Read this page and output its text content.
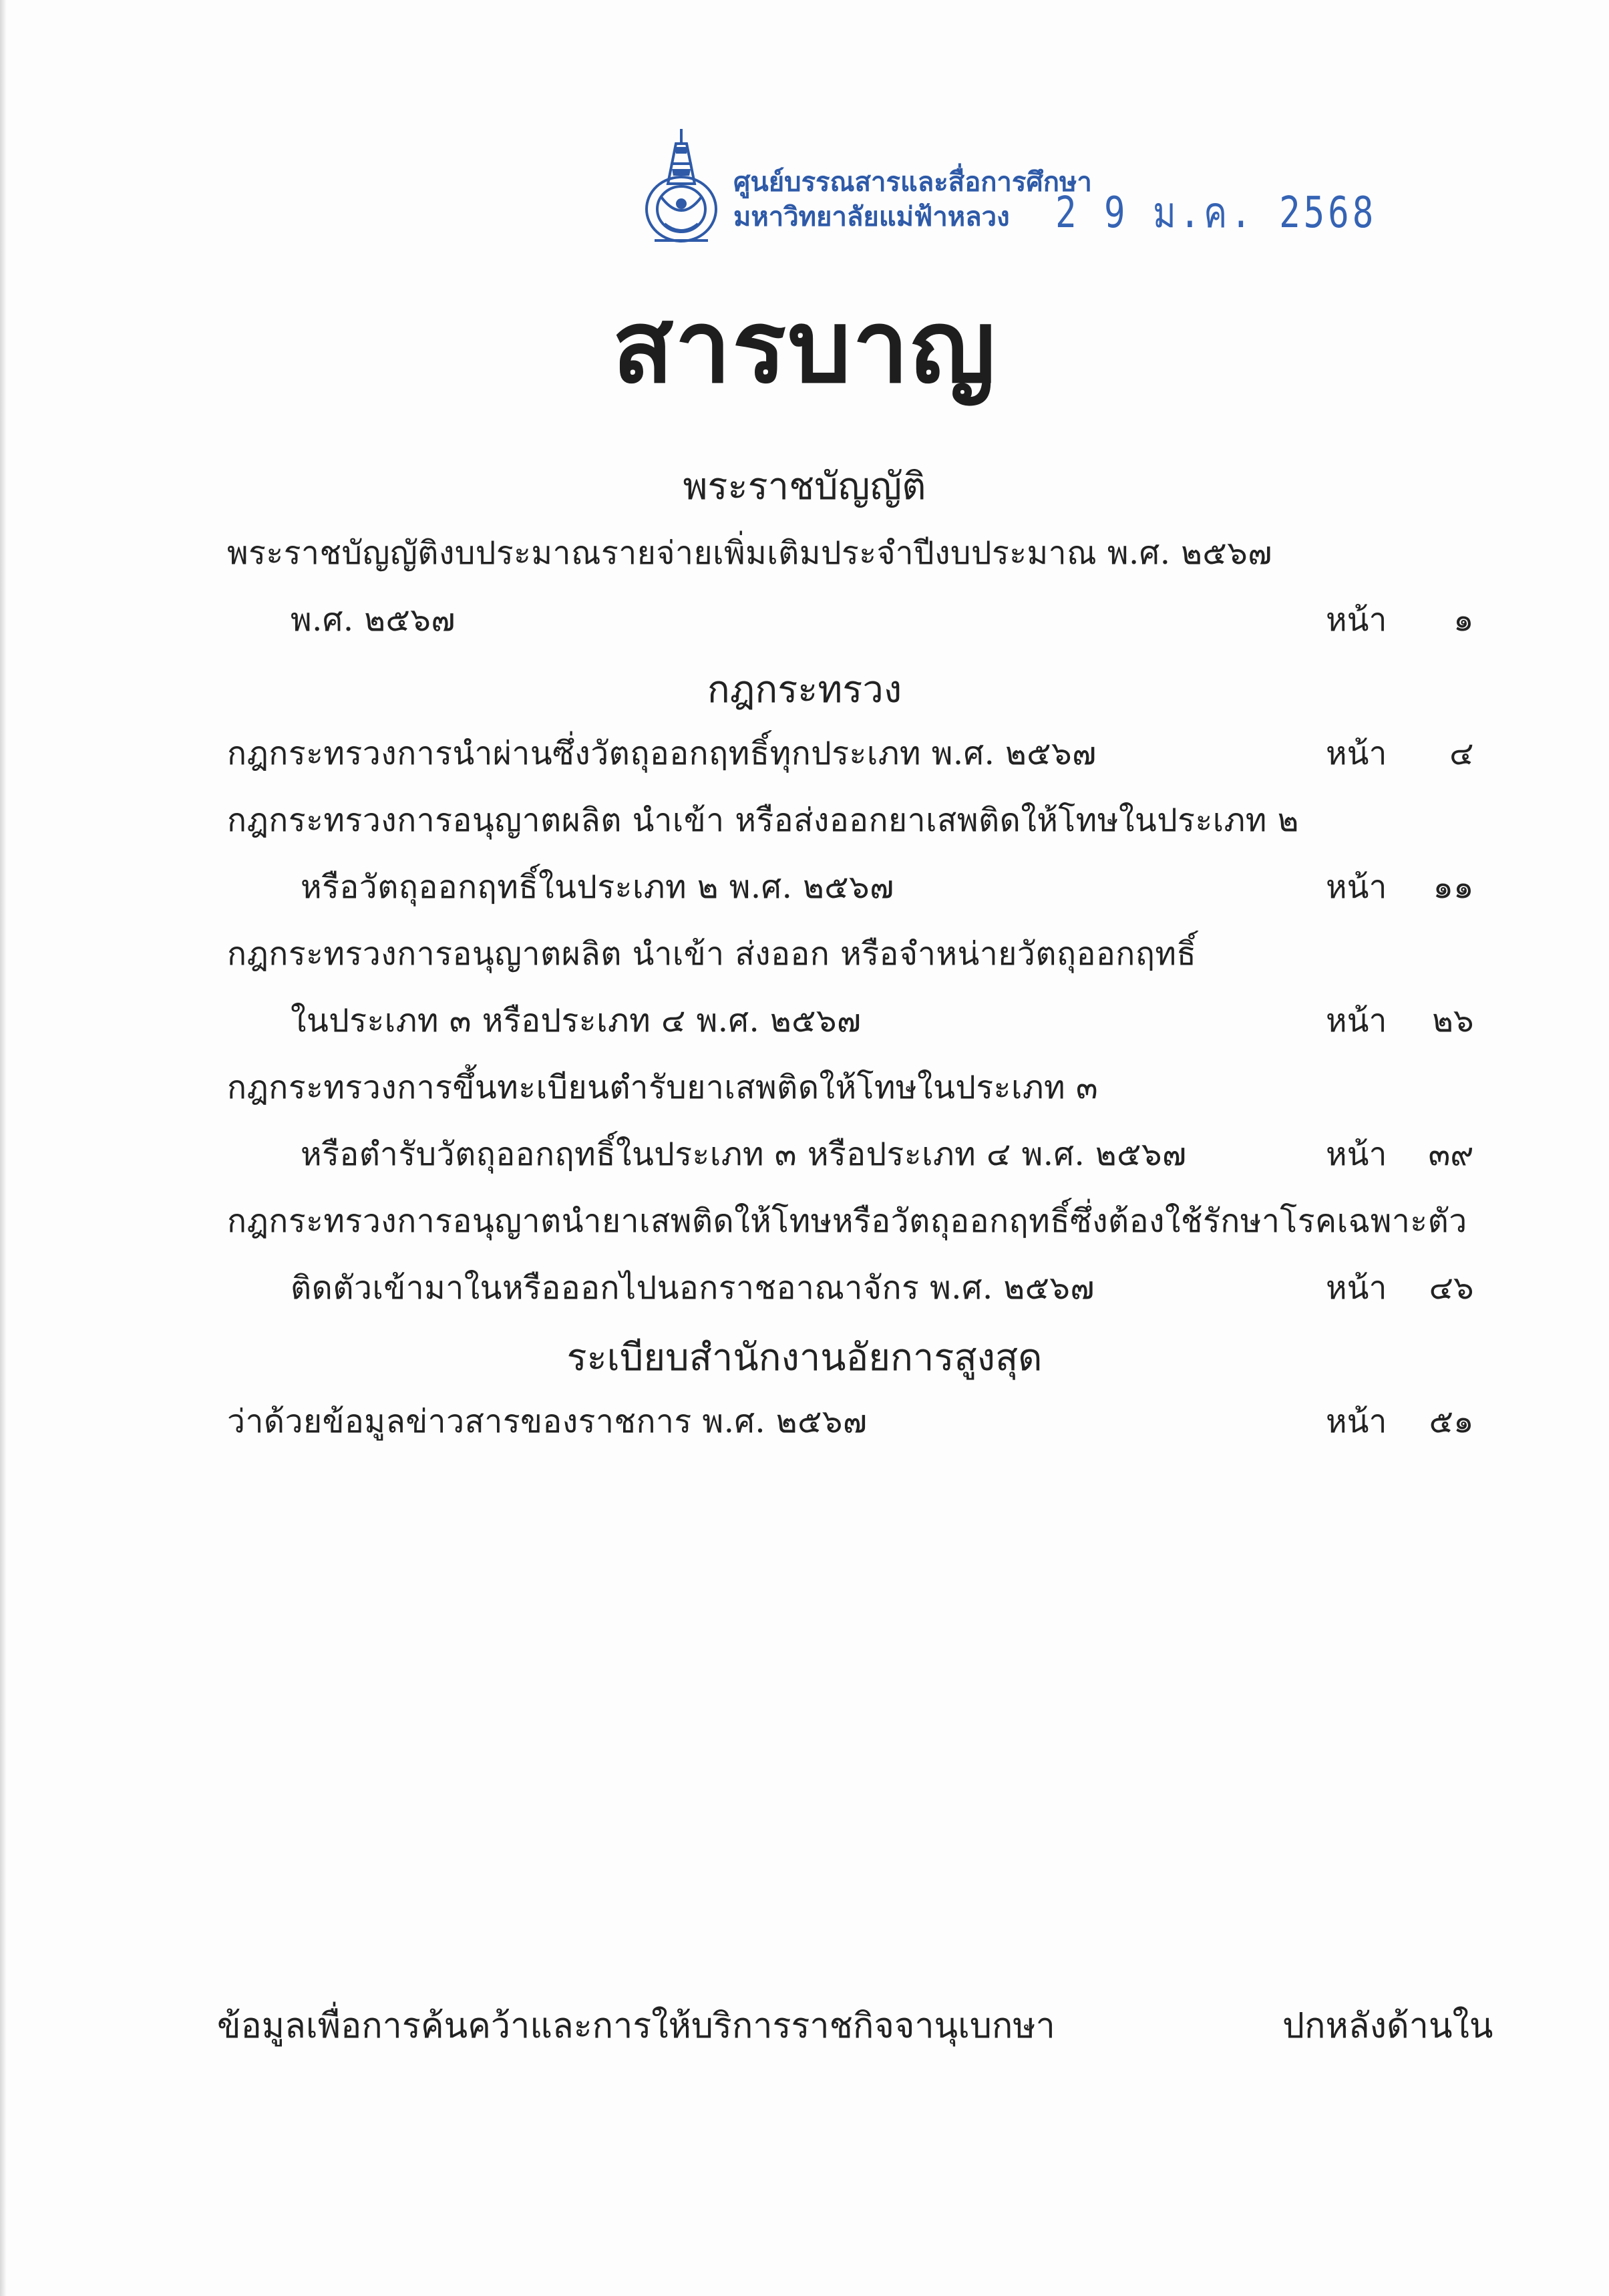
ศูนย์บรรณสารและสื่อการศึกษา
มหาวิทยาลัยแม่ฟ้าหลวง	2 9 ม.ค. 2568
สารบาญ
พระราชบัญญัติ
พระราชบัญญัติงบประมาณรายจ่ายเพิ่มเติมประจำปีงบประมาณ พ.ศ. ๒๕๖๗
พ.ศ. ๒๕๖๗	หน้า ๑
กฎกระทรวง
กฎกระทรวงการนำผ่านซึ่งวัตถุออกฤทธิ์ทุกประเภท พ.ศ. ๒๕๖๗	หน้า ๔
กฎกระทรวงการอนุญาตผลิต นำเข้า หรือส่งออกยาเสพติดให้โทษในประเภท ๒
หรือวัตถุออกฤทธิ์ในประเภท ๒ พ.ศ. ๒๕๖๗	หน้า ๑๑
กฎกระทรวงการอนุญาตผลิต นำเข้า ส่งออก หรือจำหน่ายวัตถุออกฤทธิ์
ในประเภท ๓ หรือประเภท ๔ พ.ศ. ๒๕๖๗	หน้า ๒๖
กฎกระทรวงการขึ้นทะเบียนตำรับยาเสพติดให้โทษในประเภท ๓
หรือตำรับวัตถุออกฤทธิ์ในประเภท ๓ หรือประเภท ๔ พ.ศ. ๒๕๖๗	หน้า ๓๙
กฎกระทรวงการอนุญาตนำยาเสพติดให้โทษหรือวัตถุออกฤทธิ์ซึ่งต้องใช้รักษาโรคเฉพาะตัว
ติดตัวเข้ามาในหรือออกไปนอกราชอาณาจักร พ.ศ. ๒๕๖๗	หน้า ๔๖
ระเบียบสำนักงานอัยการสูงสุด
ว่าด้วยข้อมูลข่าวสารของราชการ พ.ศ. ๒๕๖๗	หน้า ๕๑
ข้อมูลเพื่อการค้นคว้าและการให้บริการราชกิจจานุเบกษา	ปกหลังด้านใน
